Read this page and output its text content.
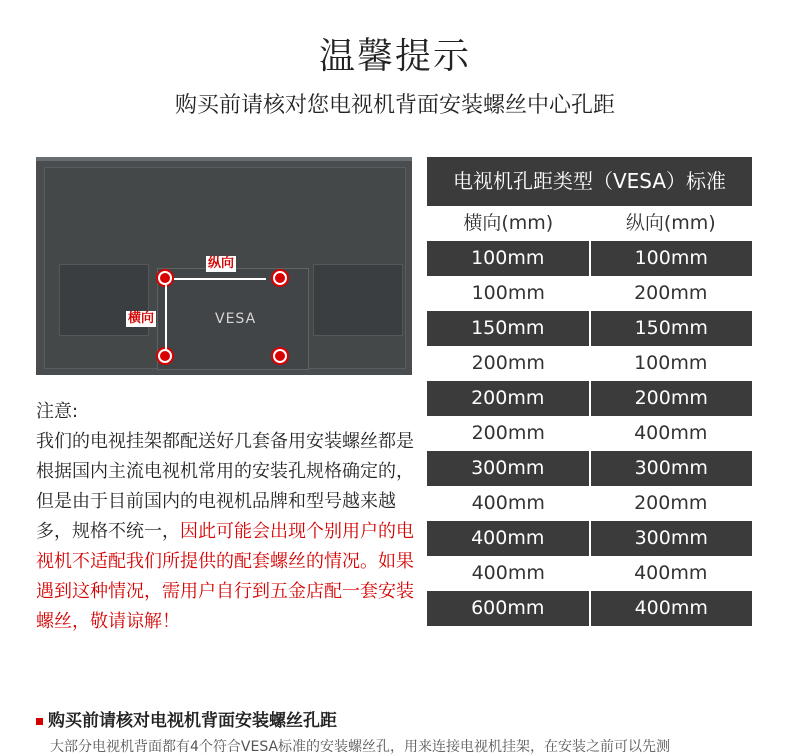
温馨提示
购买前请核对您电视机背面安装螺丝中心孔距
VESA
纵向
横向
注意:
我们的电视挂架都配送好几套备用安装螺丝都是根据国内主流电视机常用的安装孔规格确定的，但是由于目前国内的电视机品牌和型号越来越多，规格不统一，因此可能会出现个别用户的电视机不适配我们所提供的配套螺丝的情况。如果遇到这种情况，需用户自行到五金店配一套安装螺丝，敬请谅解！
电视机孔距类型（VESA）标准
横向(mm)	纵向(mm)
100mm	100mm
100mm	200mm
150mm	150mm
200mm	100mm
200mm	200mm
200mm	400mm
300mm	300mm
400mm	200mm
400mm	300mm
400mm	400mm
600mm	400mm
购买前请核对电视机背面安装螺丝孔距
大部分电视机背面都有4个符合VESA标准的安装螺丝孔，用来连接电视机挂架，在安装之前可以先测
